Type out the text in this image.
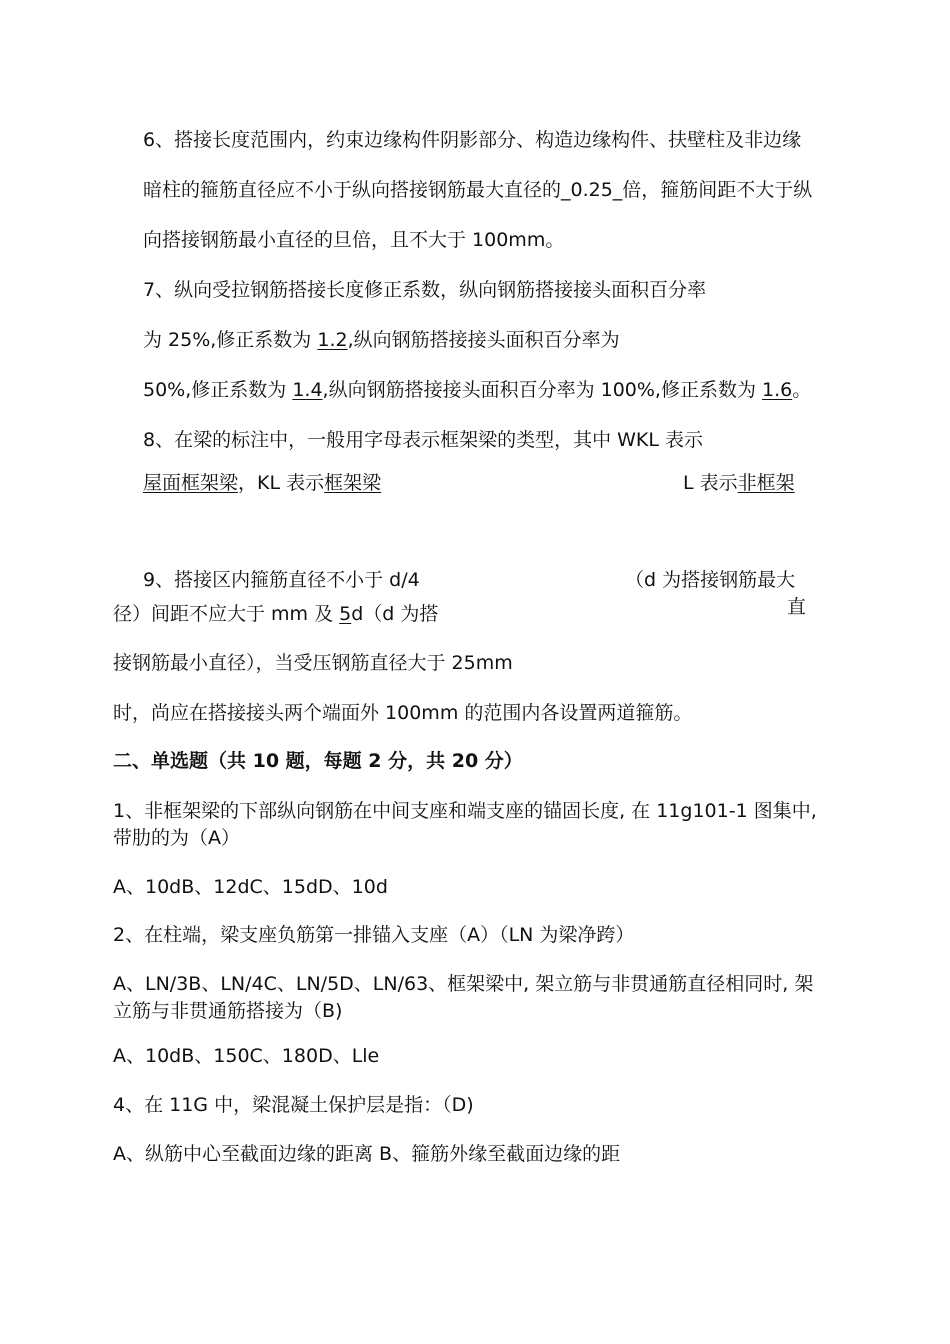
6、搭接长度范围内，约束边缘构件阴影部分、构造边缘构件、扶壁柱及非边缘
暗柱的箍筋直径应不小于纵向搭接钢筋最大直径的_0.25_倍，箍筋间距不大于纵
向搭接钢筋最小直径的旦倍，且不大于 100mm。
7、纵向受拉钢筋搭接长度修正系数，纵向钢筋搭接接头面积百分率
为 25%,修正系数为 1.2,纵向钢筋搭接接头面积百分率为
50%,修正系数为 1.4,纵向钢筋搭接接头面积百分率为 100%,修正系数为 1.6。
8、在梁的标注中，一般用字母表示框架梁的类型，其中 WKL 表示
屋面框架梁，KL 表示框架梁	L 表示非框架
9、搭接区内箍筋直径不小于 d/4	（d 为搭接钢筋最大
直
径）间距不应大于 mm 及 5d（d 为搭
接钢筋最小直径），当受压钢筋直径大于 25mm
时，尚应在搭接接头两个端面外 100mm 的范围内各设置两道箍筋。
二、单选题（共 10 题，每题 2 分，共 20 分）
1、非框架梁的下部纵向钢筋在中间支座和端支座的锚固长度, 在 11g101-1 图集中,
带肋的为（A）
A、10dB、12dC、15dD、10d
2、在柱端，梁支座负筋第一排锚入支座（A）（LN 为梁净跨）
A、LN/3B、LN/4C、LN/5D、LN/63、框架梁中, 架立筋与非贯通筋直径相同时, 架
立筋与非贯通筋搭接为（B)
A、10dB、150C、180D、Lle
4、在 11G 中，梁混凝土保护层是指：（D)
A、纵筋中心至截面边缘的距离 B、箍筋外缘至截面边缘的距
